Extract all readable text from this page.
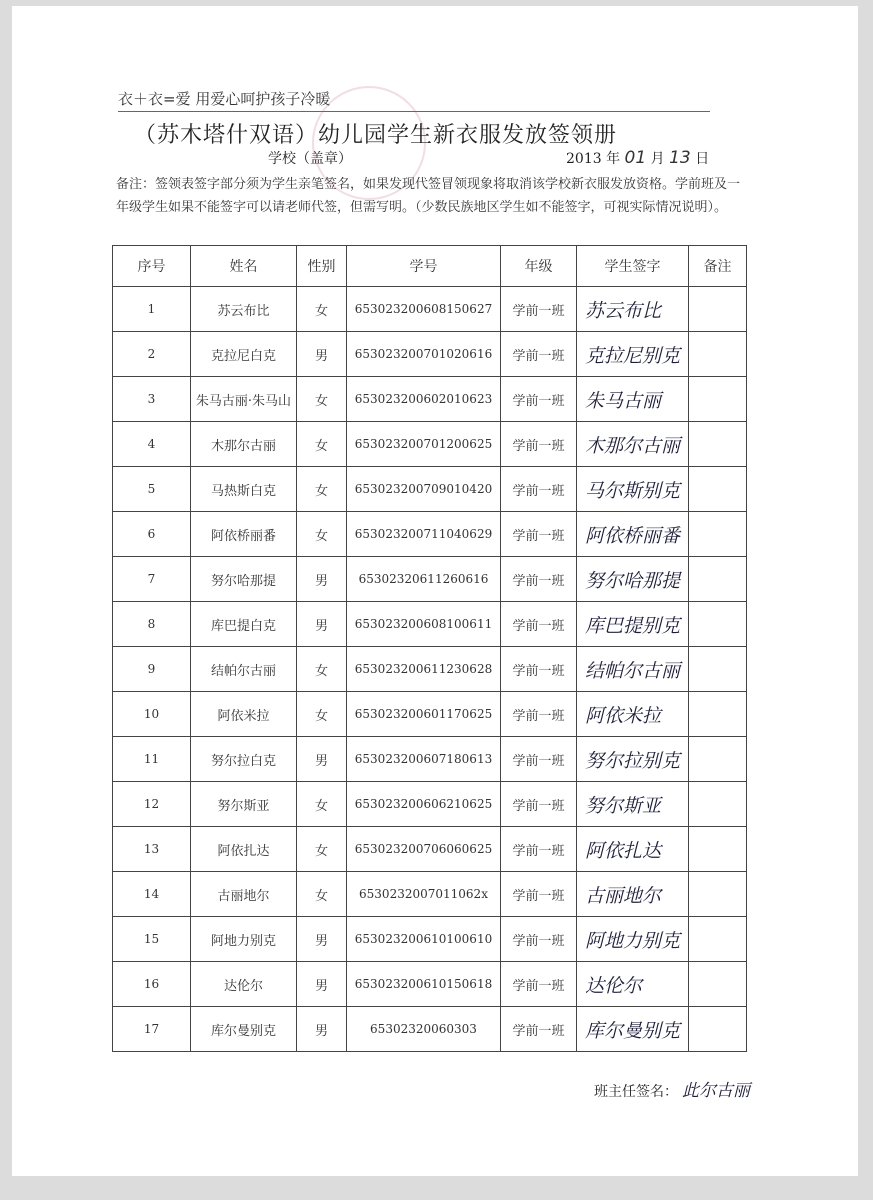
衣＋衣=爱 用爱心呵护孩子冷暖
（苏木塔什双语）幼儿园学生新衣服发放签领册
学校（盖章）	2013 年 01 月 13 日
备注：签领表签字部分须为学生亲笔签名，如果发现代签冒领现象将取消该学校新衣服发放资格。学前班及一年级学生如果不能签字可以请老师代签，但需写明。（少数民族地区学生如不能签字，可视实际情况说明）。
序号	姓名	性别	学号	年级	学生签字	备注
1	苏云布比	女	653023200608150627	学前一班	苏云布比	
2	克拉尼白克	男	653023200701020616	学前一班	克拉尼别克	
3	朱马古丽·朱马山	女	653023200602010623	学前一班	朱马古丽	
4	木那尔古丽	女	653023200701200625	学前一班	木那尔古丽	
5	马热斯白克	女	653023200709010420	学前一班	马尔斯别克	
6	阿依桥丽番	女	653023200711040629	学前一班	阿依桥丽番	
7	努尔哈那提	男	65302320611260616	学前一班	努尔哈那提	
8	库巴提白克	男	653023200608100611	学前一班	库巴提别克	
9	结帕尔古丽	女	653023200611230628	学前一班	结帕尔古丽	
10	阿依米拉	女	653023200601170625	学前一班	阿依米拉	
11	努尔拉白克	男	653023200607180613	学前一班	努尔拉别克	
12	努尔斯亚	女	653023200606210625	学前一班	努尔斯亚	
13	阿依扎达	女	653023200706060625	学前一班	阿依扎达	
14	古丽地尔	女	6530232007011062x	学前一班	古丽地尔	
15	阿地力别克	男	653023200610100610	学前一班	阿地力别克	
16	达伦尔	男	653023200610150618	学前一班	达伦尔	
17	库尔曼别克	男	65302320060303	学前一班	库尔曼别克	
班主任签名： 此尔古丽
